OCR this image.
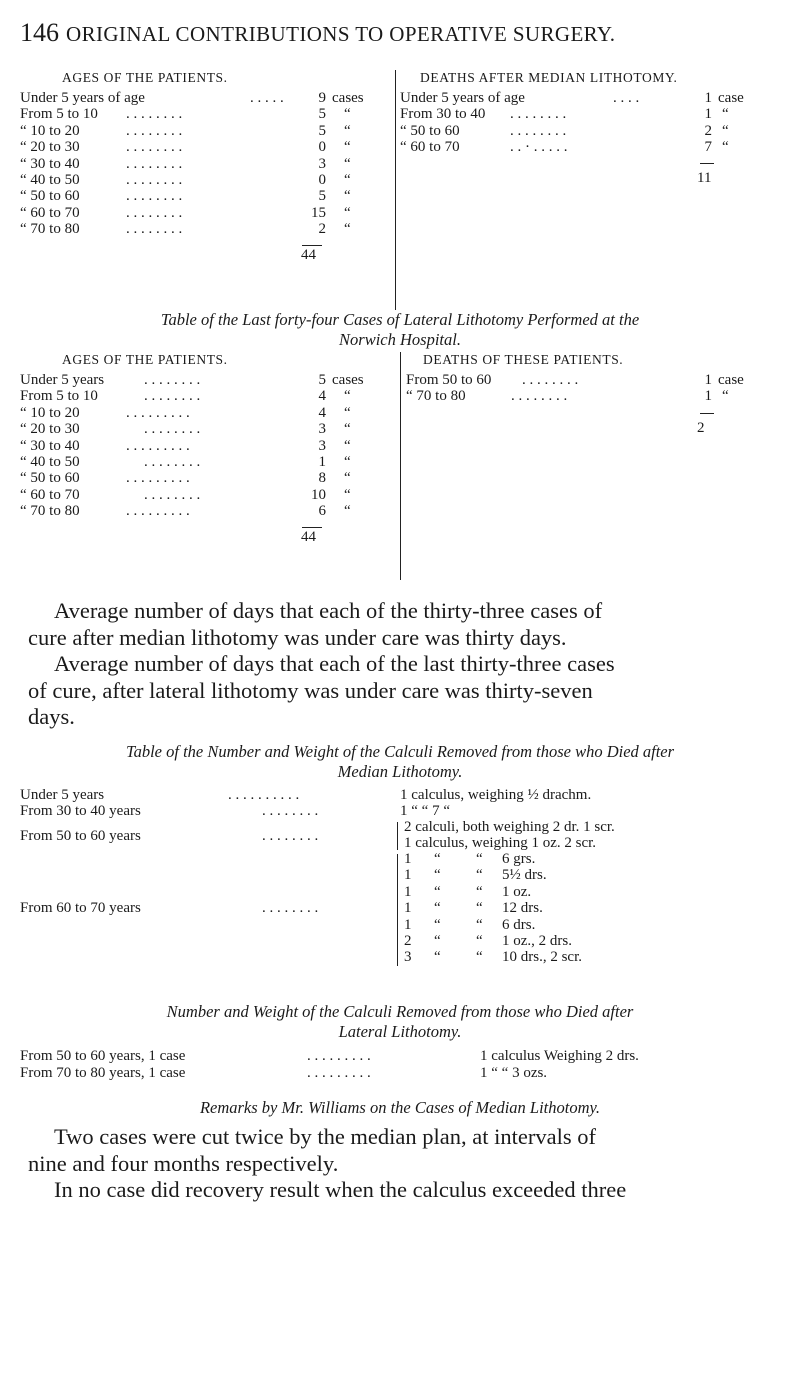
146 ORIGINAL CONTRIBUTIONS TO OPERATIVE SURGERY.
AGES OF THE PATIENTS.	DEATHS AFTER MEDIAN LITHOTOMY.
Under 5 years of age	. . . . .	9 cases
From 5 to 10 . . . . . . . .	5 “
“ 10 to 20	. . . . . . . .	5 “
“ 20 to 30	. . . . . . . .	0 “
“ 30 to 40	. . . . . . . .	3 “
“ 40 to 50	. . . . . . . .	0 “
“ 50 to 60	. . . . . . . .	5 “
“ 60 to 70	. . . . . . . .	15 “
“ 70 to 80	. . . . . . . .	2 “
44
Under 5 years of age	. . . .	1 case
From 30 to 40 . . . . . . . .	1 “
“ 50 to 60	. . . . . . . .	2 “
“ 60 to 70	. . · . . . . .	7 “
11
Table of the Last forty-four Cases of Lateral Lithotomy Performed at the
Norwich Hospital.
AGES OF THE PATIENTS.	DEATHS OF THESE PATIENTS.
Under 5 years	. . . . . . . .	5 cases
From 5 to 10	. . . . . . . .	4 “
“ 10 to 20	. . . . . . . . .	4 “
“ 20 to 30	. . . . . . . .	3 “
“ 30 to 40	. . . . . . . . .	3 “
“ 40 to 50	. . . . . . . .	1 “
“ 50 to 60	. . . . . . . . .	8 “
“ 60 to 70	. . . . . . . .	10 “
“ 70 to 80	. . . . . . . . .	6 “
44
From 50 to 60 . . . . . . . .	1 case
“ 70 to 80	. . . . . . . .	1 “
2
Average number of days that each of the thirty-three cases of
cure after median lithotomy was under care was thirty days.
Average number of days that each of the last thirty-three cases
of cure, after lateral lithotomy was under care was thirty-seven
days.
Table of the Number and Weight of the Calculi Removed from those who Died after
Median Lithotomy.
Under 5 years	. . . . . . . . . .	1 calculus, weighing ½ drachm.
From 30 to 40 years	. . . . . . . .	1 “ “ 7 “
From 50 to 60 years	. . . . . . . .
2 calculi, both weighing 2 dr. 1 scr.
1 calculus, weighing 1 oz. 2 scr.
From 60 to 70 years	. . . . . . . .
1 “ “ 6 grs.
1 “ “ 5½ drs.
1 “ “ 1 oz.
1 “ “ 12 drs.
1 “ “ 6 drs.
2 “ “ 1 oz., 2 drs.
3 “ “ 10 drs., 2 scr.
Number and Weight of the Calculi Removed from those who Died after
Lateral Lithotomy.
From 50 to 60 years, 1 case	. . . . . . . . .	1 calculus Weighing 2 drs.
From 70 to 80 years, 1 case	. . . . . . . . .	1 “ “ 3 ozs.
Remarks by Mr. Williams on the Cases of Median Lithotomy.
Two cases were cut twice by the median plan, at intervals of
nine and four months respectively.
In no case did recovery result when the calculus exceeded three
